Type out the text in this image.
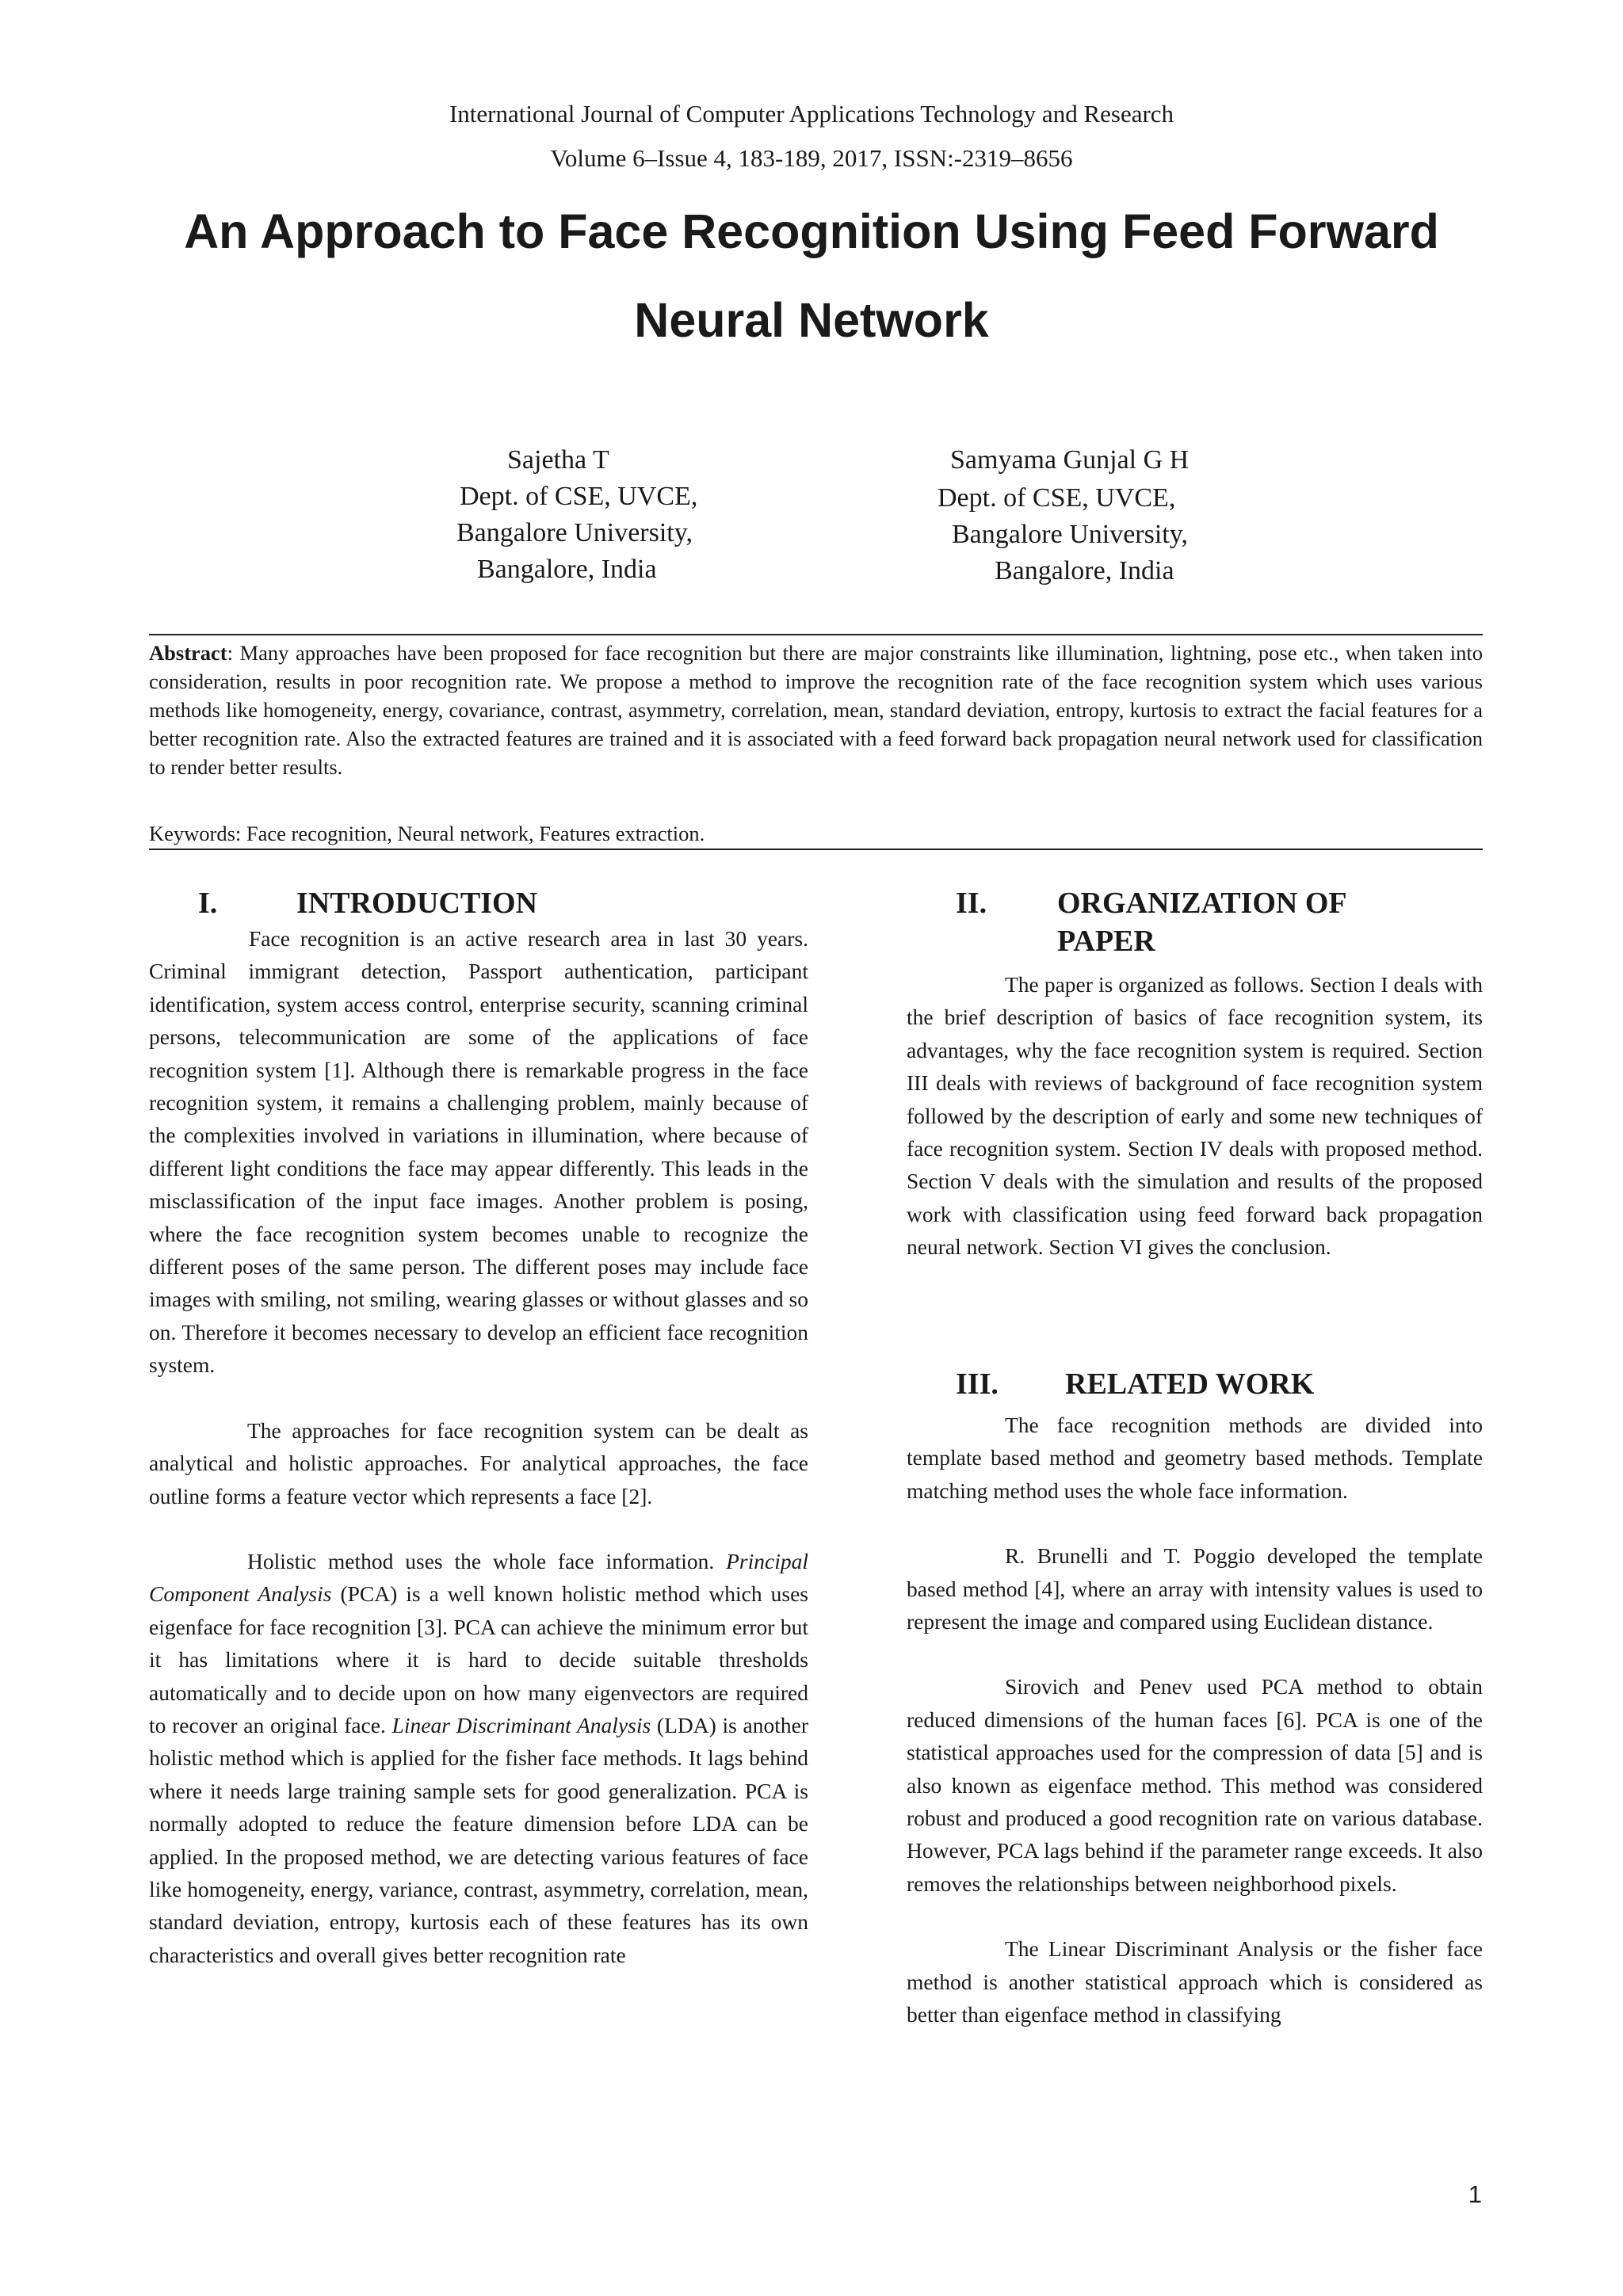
International Journal of Computer Applications Technology and Research
Volume 6–Issue 4, 183-189, 2017, ISSN:-2319–8656
An Approach to Face Recognition Using Feed Forward
Neural Network
Sajetha T
Dept. of CSE, UVCE,
Bangalore University,
Bangalore, India
Samyama Gunjal G H
Dept. of CSE, UVCE,
Bangalore University,
Bangalore, India
Abstract: Many approaches have been proposed for face recognition but there are major constraints like illumination, lightning, pose etc., when taken into consideration, results in poor recognition rate. We propose a method to improve the recognition rate of the face recognition system which uses various methods like homogeneity, energy, covariance, contrast, asymmetry, correlation, mean, standard deviation, entropy, kurtosis to extract the facial features for a better recognition rate. Also the extracted features are trained and it is associated with a feed forward back propagation neural network used for classification to render better results.
Keywords: Face recognition, Neural network, Features extraction.
I.	INTRODUCTION

Face recognition is an active research area in last 30 years. Criminal immigrant detection, Passport authentication, participant identification, system access control, enterprise security, scanning criminal persons, telecommunication are some of the applications of face recognition system [1]. Although there is remarkable progress in the face recognition system, it remains a challenging problem, mainly because of the complexities involved in variations in illumination, where because of different light conditions the face may appear differently. This leads in the misclassification of the input face images. Another problem is posing, where the face recognition system becomes unable to recognize the different poses of the same person. The different poses may include face images with smiling, not smiling, wearing glasses or without glasses and so on. Therefore it becomes necessary to develop an efficient face recognition system.

The approaches for face recognition system can be dealt as analytical and holistic approaches. For analytical approaches, the face outline forms a feature vector which represents a face [2].

Holistic method uses the whole face information. Principal Component Analysis (PCA) is a well known holistic method which uses eigenface for face recognition [3]. PCA can achieve the minimum error but it has limitations where it is hard to decide suitable thresholds automatically and to decide upon on how many eigenvectors are required to recover an original face. Linear Discriminant Analysis (LDA) is another holistic method which is applied for the fisher face methods. It lags behind where it needs large training sample sets for good generalization. PCA is normally adopted to reduce the feature dimension before LDA can be applied. In the proposed method, we are detecting various features of face like homogeneity, energy, variance, contrast, asymmetry, correlation, mean, standard deviation, entropy, kurtosis each of these features has its own characteristics and overall gives better recognition rate

II. ORGANIZATION OF
PAPER

The paper is organized as follows. Section I deals with the brief description of basics of face recognition system, its advantages, why the face recognition system is required. Section III deals with reviews of background of face recognition system followed by the description of early and some new techniques of face recognition system. Section IV deals with proposed method. Section V deals with the simulation and results of the proposed work with classification using feed forward back propagation neural network. Section VI gives the conclusion.

III. RELATED WORK

The face recognition methods are divided into template based method and geometry based methods. Template matching method uses the whole face information.

R. Brunelli and T. Poggio developed the template based method [4], where an array with intensity values is used to represent the image and compared using Euclidean distance.

Sirovich and Penev used PCA method to obtain reduced dimensions of the human faces [6]. PCA is one of the statistical approaches used for the compression of data [5] and is also known as eigenface method. This method was considered robust and produced a good recognition rate on various database. However, PCA lags behind if the parameter range exceeds. It also removes the relationships between neighborhood pixels.

The Linear Discriminant Analysis or the fisher face method is another statistical approach which is considered as better than eigenface method in classifying

1
